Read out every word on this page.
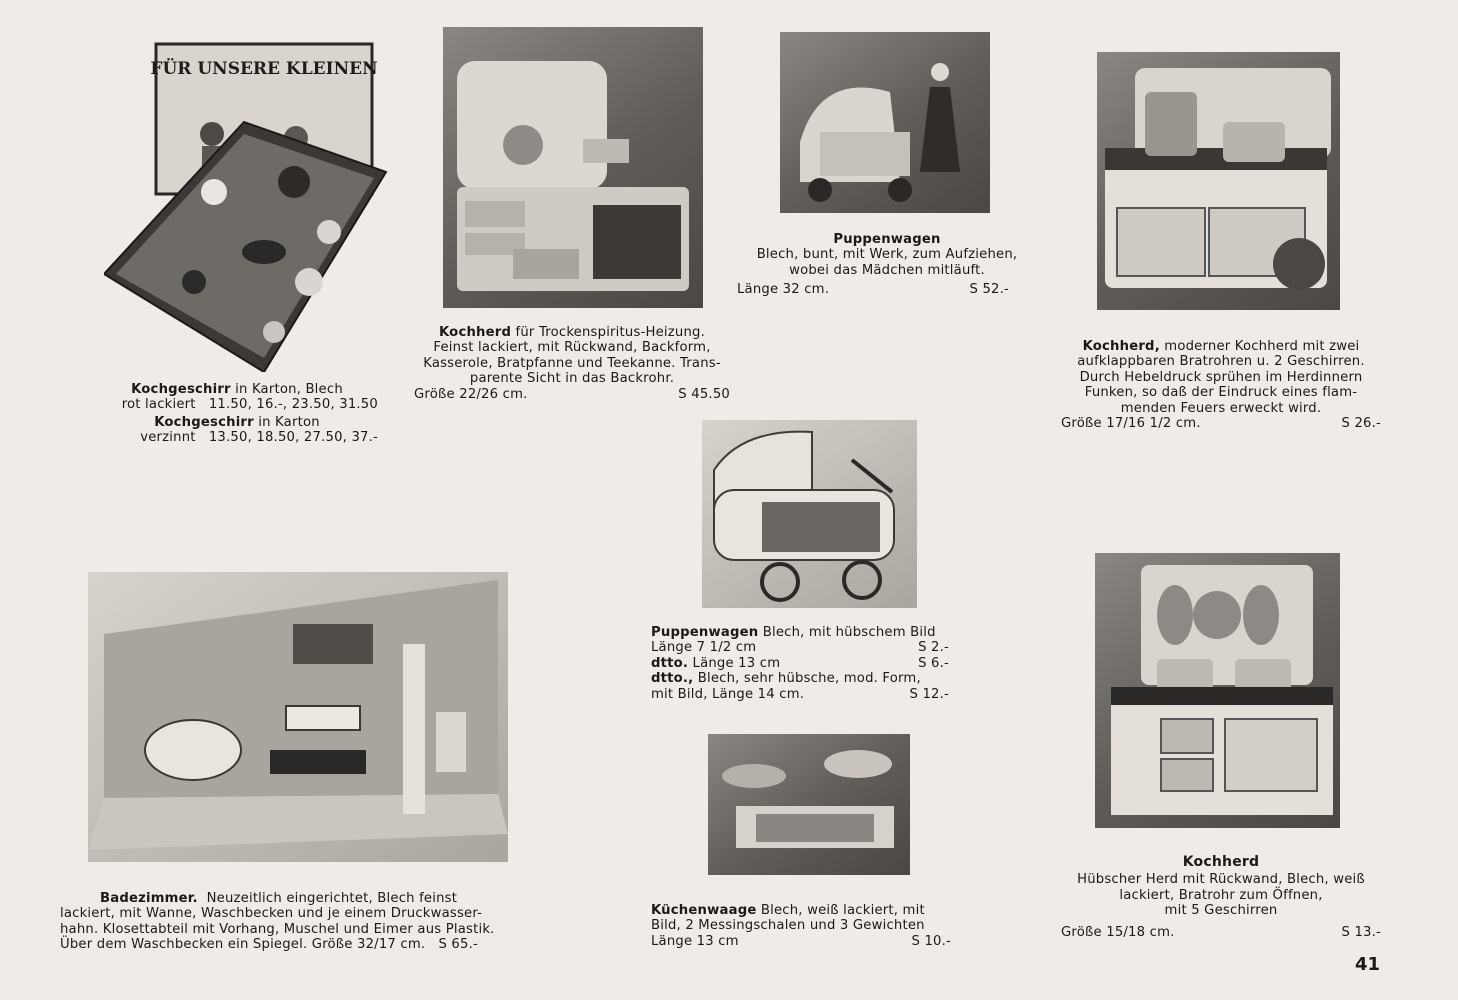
FÜR UNSERE KLEINEN
Kochgeschirr in Karton, Blech
rot lackiert 11.50, 16.-, 23.50, 31.50
Kochgeschirr in Karton
verzinnt 13.50, 18.50, 27.50, 37.-
Kochherd für Trockenspiritus-Heizung.
Feinst lackiert, mit Rückwand, Backform,
Kasserole, Bratpfanne und Teekanne. Trans-
parente Sicht in das Backrohr.
Größe 22/26 cm.	S 45.50
Puppenwagen
Blech, bunt, mit Werk, zum Aufziehen,
wobei das Mädchen mitläuft.
Länge 32 cm.	S 52.-
Kochherd, moderner Kochherd mit zwei
aufklappbaren Bratrohren u. 2 Geschirren.
Durch Hebeldruck sprühen im Herdinnern
Funken, so daß der Eindruck eines flam-
menden Feuers erweckt wird.
Größe 17/16 1/2 cm.	S 26.-
Puppenwagen Blech, mit hübschem Bild
Länge 7 1/2 cm	S 2.-
dtto. Länge 13 cm	S 6.-
dtto., Blech, sehr hübsche, mod. Form,
mit Bild, Länge 14 cm.	S 12.-
Badezimmer.  Neuzeitlich eingerichtet, Blech feinst
lackiert, mit Wanne, Waschbecken und je einem Druckwasser-
hahn. Klosettabteil mit Vorhang, Muschel und Eimer aus Plastik.
Über dem Waschbecken ein Spiegel. Größe 32/17 cm.   S 65.-
Küchenwaage Blech, weiß lackiert, mit
Bild, 2 Messingschalen und 3 Gewichten
Länge 13 cm	S 10.-
Kochherd
Hübscher Herd mit Rückwand, Blech, weiß
lackiert, Bratrohr zum Öffnen,
mit 5 Geschirren
Größe 15/18 cm.	S 13.-
41
